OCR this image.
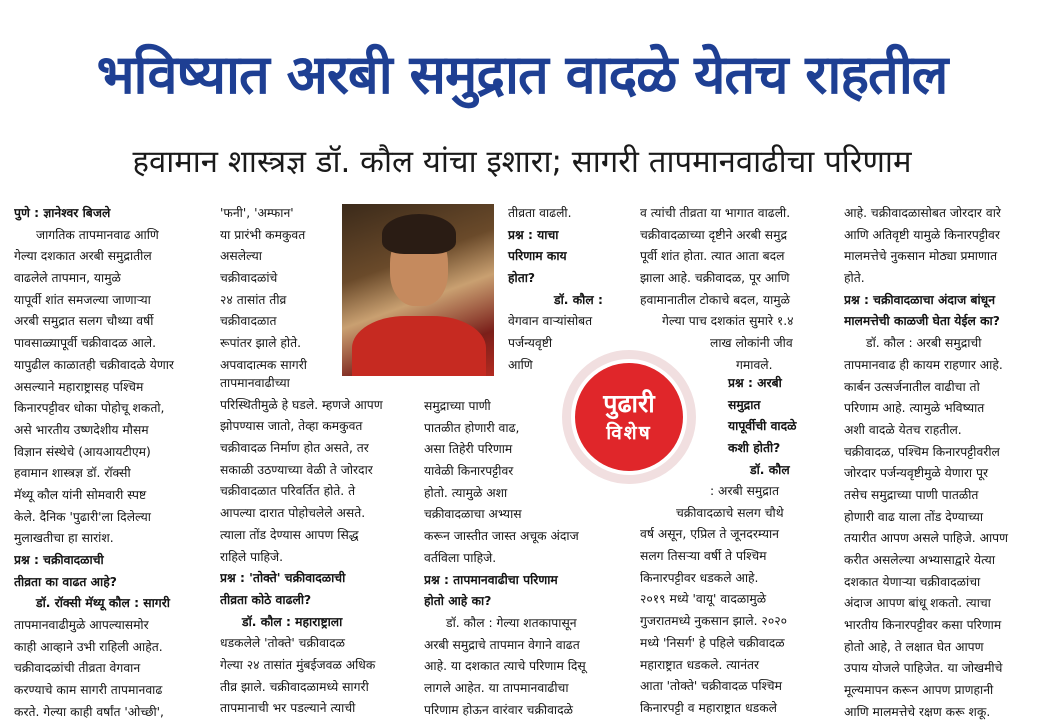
भविष्यात अरबी समुद्रात वादळे येतच राहतील
हवामान शास्त्रज्ञ डॉ. कौल यांचा इशारा; सागरी तापमानवाढीचा परिणाम
पुणे : ज्ञानेश्वर बिजले
जागतिक तापमानवाढ आणि
गेल्या दशकात अरबी समुद्रातील
वाढलेले तापमान, यामुळे
यापूर्वी शांत समजल्या जाणार्‍या
अरबी समुद्रात सलग चौथ्या वर्षी
पावसाळ्यापूर्वी चक्रीवादळ आले.
यापुढील काळातही चक्रीवादळे येणार
असल्याने महाराष्ट्रासह पश्चिम
किनारपट्टीवर धोका पोहोचू शकतो,
असे भारतीय उष्णदेशीय मौसम
विज्ञान संस्थेचे (आयआयटीएम)
हवामान शास्त्रज्ञ डॉ. रॉक्सी
मॅथ्यू कौल यांनी सोमवारी स्पष्ट
केले. दैनिक 'पुढारी'ला दिलेल्या
मुलाखतीचा हा सारांश.
प्रश्न : चक्रीवादळाची
तीव्रता का वाढत आहे?
डॉ. रॉक्सी मॅथ्यू कौल : सागरी
तापमानवाढीमुळे आपल्यासमोर
काही आव्हाने उभी राहिली आहेत.
चक्रीवादळांची तीव्रता वेगवान
करण्याचे काम सागरी तापमानवाढ
करते. गेल्या काही वर्षांत 'ओच्छी',
'फनी', 'अम्फान'
या प्रारंभी कमकुवत
असलेल्या
चक्रीवादळांचे
२४ तासांत तीव्र
चक्रीवादळात
रूपांतर झाले होते.
अपवादात्मक सागरी
तापमानवाढीच्या
परिस्थितीमुळे हे घडले. म्हणजे आपण
झोपण्यास जातो, तेव्हा कमकुवत
चक्रीवादळ निर्माण होत असते, तर
सकाळी उठण्याच्या वेळी ते जोरदार
चक्रीवादळात परिवर्तित होते. ते
आपल्या दारात पोहोचलेले असते.
त्याला तोंड देण्यास आपण सिद्ध
राहिले पाहिजे.
प्रश्न : 'तोक्ते' चक्रीवादळाची
तीव्रता कोठे वाढली?
डॉ. कौल : महाराष्ट्राला
धडकलेले 'तोक्ते' चक्रीवादळ
गेल्या २४ तासांत मुंबईजवळ अधिक
तीव्र झाले. चक्रीवादळामध्ये सागरी
तापमानाची भर पडल्याने त्याची
तीव्रता वाढली.
प्रश्न : याचा
परिणाम काय
होता?
डॉ. कौल :
वेगवान वाऱ्यांसोबत
पर्जन्यवृष्टी
आणि
समुद्राच्या पाणी
पातळीत होणारी वाढ,
असा तिहेरी परिणाम
यावेळी किनारपट्टीवर
होतो. त्यामुळे अशा
चक्रीवादळाचा अभ्यास
करून जास्तीत जास्त अचूक अंदाज
वर्तविला पाहिजे.
प्रश्न : तापमानवाढीचा परिणाम
होतो आहे का?
डॉ. कौल : गेल्या शतकापासून
अरबी समुद्राचे तापमान वेगाने वाढत
आहे. या दशकात त्याचे परिणाम दिसू
लागले आहेत. या तापमानवाढीचा
परिणाम होऊन वारंवार चक्रीवादळे
पुढारी
विशेष
व त्यांची तीव्रता या भागात वाढली.
चक्रीवादळाच्या दृष्टीने अरबी समुद्र
पूर्वी शांत होता. त्यात आता बदल
झाला आहे. चक्रीवादळ, पूर आणि
हवामानातील टोकाचे बदल, यामुळे
गेल्या पाच दशकांत सुमारे १.४
लाख लोकांनी जीव
गमावले.
प्रश्न : अरबी
समुद्रात
यापूर्वीची वादळे
कशी होती?
डॉ. कौल
: अरबी समुद्रात
चक्रीवादळाचे सलग चौथे
वर्ष असून, एप्रिल ते जूनदरम्यान
सलग तिसऱ्या वर्षी ते पश्चिम
किनारपट्टीवर धडकले आहे.
२०१९ मध्ये 'वायू' वादळामुळे
गुजरातमध्ये नुकसान झाले. २०२०
मध्ये 'निसर्ग' हे पहिले चक्रीवादळ
महाराष्ट्रात धडकले. त्यानंतर
आता 'तोक्ते' चक्रीवादळ पश्चिम
किनारपट्टी व महाराष्ट्रात धडकले
आहे. चक्रीवादळासोबत जोरदार वारे
आणि अतिवृष्टी यामुळे किनारपट्टीवर
मालमत्तेचे नुकसान मोठ्या प्रमाणात
होते.
प्रश्न : चक्रीवादळाचा अंदाज बांधून
मालमत्तेची काळजी घेता येईल का?
डॉ. कौल : अरबी समुद्राची
तापमानवाढ ही कायम राहणार आहे.
कार्बन उत्सर्जनातील वाढीचा तो
परिणाम आहे. त्यामुळे भविष्यात
अशी वादळे येतच राहतील.
चक्रीवादळ, पश्चिम किनारपट्टीवरील
जोरदार पर्जन्यवृष्टीमुळे येणारा पूर
तसेच समुद्राच्या पाणी पातळीत
होणारी वाढ याला तोंड देण्याच्या
तयारीत आपण असले पाहिजे. आपण
करीत असलेल्या अभ्यासाद्वारे येत्या
दशकात येणाऱ्या चक्रीवादळांचा
अंदाज आपण बांधू शकतो. त्याचा
भारतीय किनारपट्टीवर कसा परिणाम
होतो आहे, ते लक्षात घेत आपण
उपाय योजले पाहिजेत. या जोखमीचे
मूल्यमापन करून आपण प्राणहानी
आणि मालमत्तेचे रक्षण करू शकू.
